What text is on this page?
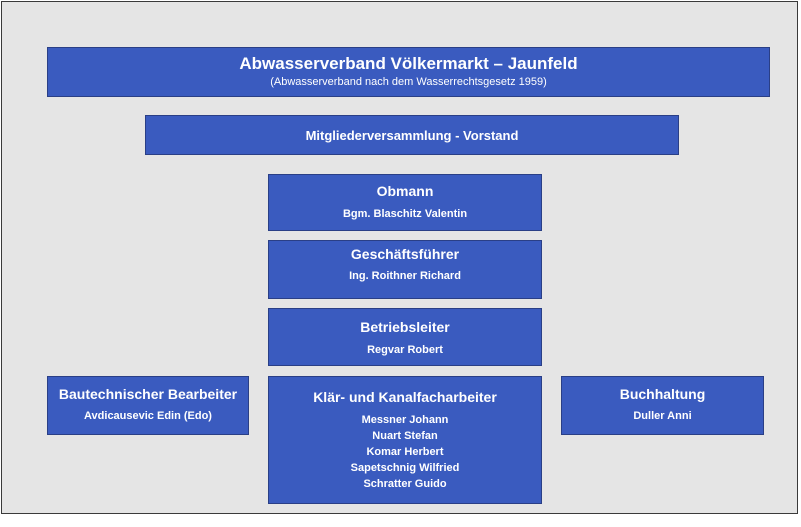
Abwasserverband Völkermarkt – Jaunfeld
(Abwasserverband nach dem Wasserrechtsgesetz 1959)
Mitgliederversammlung - Vorstand
Obmann
Bgm. Blaschitz Valentin
Geschäftsführer
Ing. Roithner Richard
Betriebsleiter
Regvar Robert
Bautechnischer Bearbeiter
Avdicausevic Edin (Edo)
Klär- und Kanalfacharbeiter
Messner Johann
Nuart Stefan
Komar Herbert
Sapetschnig Wilfried
Schratter Guido
Buchhaltung
Duller Anni
